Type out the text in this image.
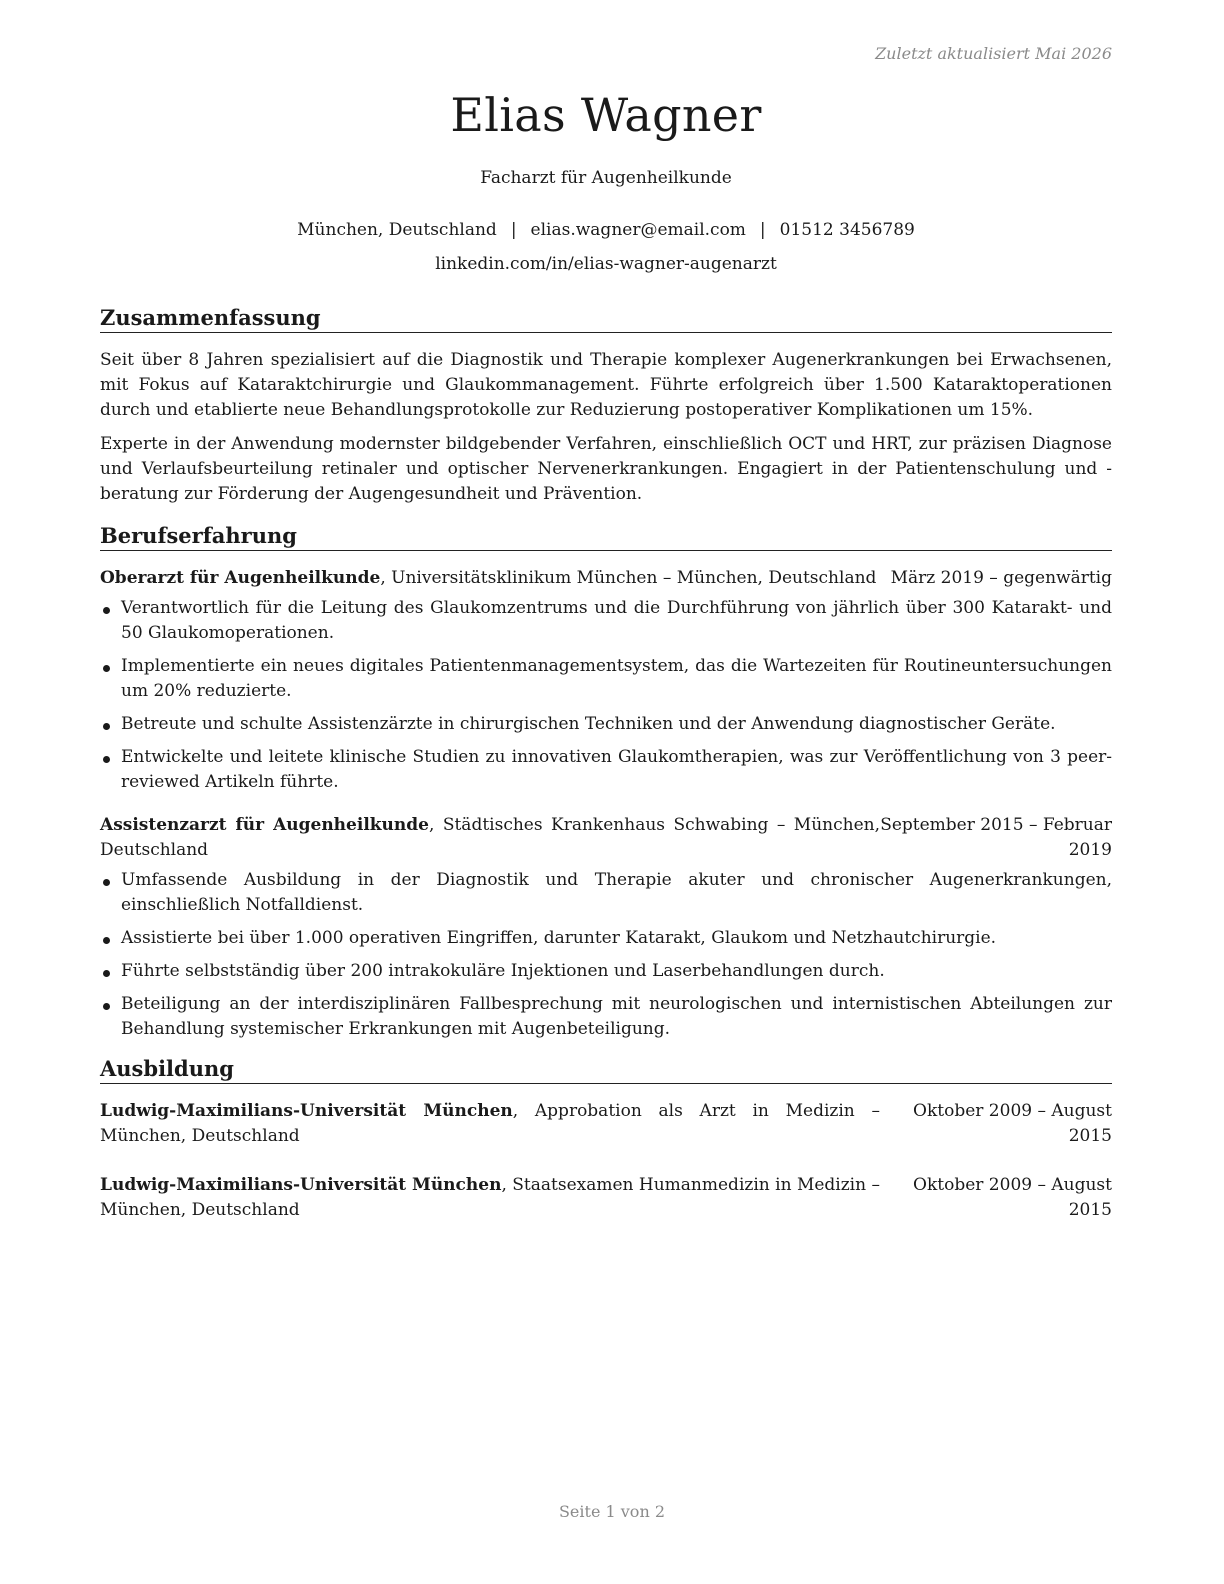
Zuletzt aktualisiert Mai 2026
Elias Wagner
Facharzt für Augenheilkunde
München, Deutschland | elias.wagner@email.com | 01512 3456789
linkedin.com/in/elias-wagner-augenarzt
Zusammenfassung

Seit über 8 Jahren spezialisiert auf die Diagnostik und Therapie komplexer Augenerkrankungen bei Erwachsenen, mit Fokus auf Kataraktchirurgie und Glaukommanagement. Führte erfolgreich über 1.500 Kataraktoperationen durch und etablierte neue Behandlungsprotokolle zur Reduzierung postoperativer Komplikationen um 15%.

Experte in der Anwendung modernster bildgebender Verfahren, einschließlich OCT und HRT, zur präzisen Diagnose und Verlaufsbeurteilung retinaler und optischer Nervenerkrankungen. Engagiert in der Patientenschulung und -beratung zur Förderung der Augengesundheit und Prävention.

Berufserfahrung
Oberarzt für Augenheilkunde, Universitätsklinikum München – München, Deutschland März 2019 – gegenwärtig
Verantwortlich für die Leitung des Glaukomzentrums und die Durchführung von jährlich über 300 Katarakt- und 50 Glaukomoperationen.
Implementierte ein neues digitales Patientenmanagementsystem, das die Wartezeiten für Routineuntersuchungen um 20% reduzierte.
Betreute und schulte Assistenzärzte in chirurgischen Techniken und der Anwendung diagnostischer Geräte.
Entwickelte und leitete klinische Studien zu innovativen Glaukomtherapien, was zur Veröffentlichung von 3 peer-reviewed Artikeln führte.
Assistenzarzt für Augenheilkunde, Städtisches Krankenhaus Schwabing – München, Deutschland
September 2015 – Februar 2019
Umfassende Ausbildung in der Diagnostik und Therapie akuter und chronischer Augenerkrankungen, einschließlich Notfalldienst.
Assistierte bei über 1.000 operativen Eingriffen, darunter Katarakt, Glaukom und Netzhautchirurgie.
Führte selbstständig über 200 intrakokuläre Injektionen und Laserbehandlungen durch.
Beteiligung an der interdisziplinären Fallbesprechung mit neurologischen und internistischen Abteilungen zur Behandlung systemischer Erkrankungen mit Augenbeteiligung.
Ausbildung
Ludwig-Maximilians-Universität München, Approbation als Arzt in Medizin – München, Deutschland
Oktober 2009 – August 2015
Ludwig-Maximilians-Universität München, Staatsexamen Humanmedizin in Medizin – München, Deutschland
Oktober 2009 – August 2015
Seite 1 von 2
